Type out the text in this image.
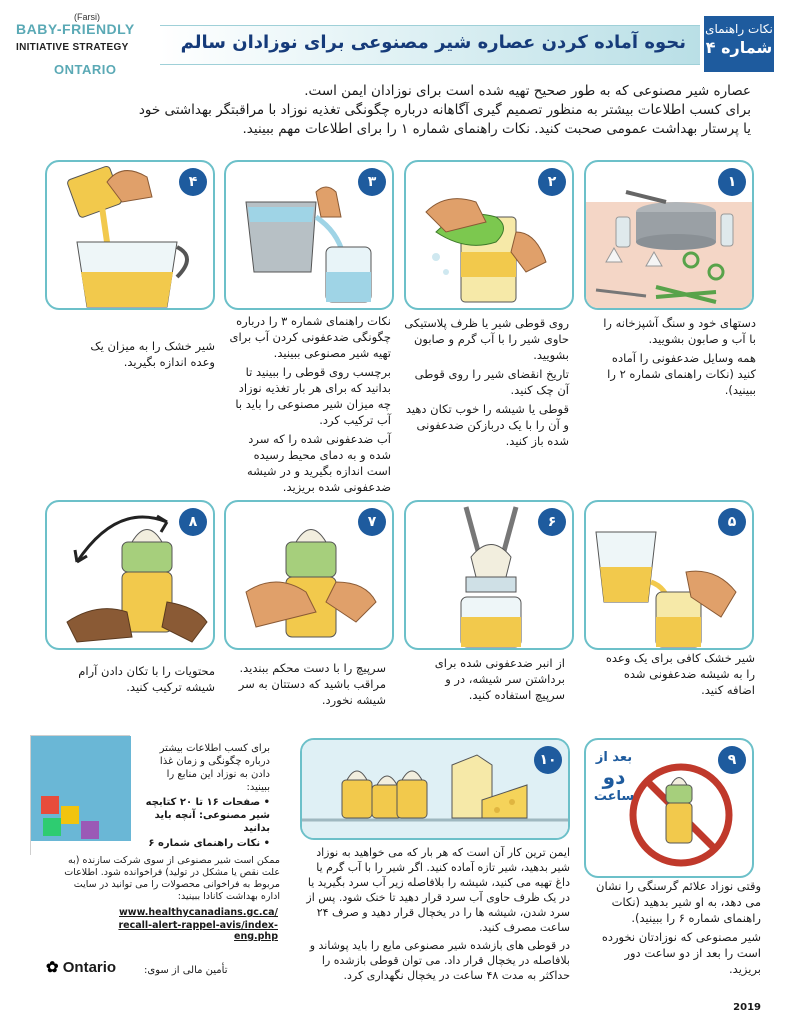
(Farsi)
BABY-FRIENDLY
INITIATIVE STRATEGY
ONTARIO
نحوه آماده کردن عصاره شیر مصنوعی برای نوزادان سالم
نکات راهنمای
شماره ۴

عصاره شیر مصنوعی که به طور صحیح تهیه شده است برای نوزادان ایمن است.

برای کسب اطلاعات بیشتر به منظور تصمیم گیری آگاهانه درباره چگونگی تغذیه نوزاد با مراقبتگر بهداشتی خود

یا پرستار بهداشت عمومی صحبت کنید. نکات راهنمای شماره ۱ را برای اطلاعات مهم ببینید.

۱

دستهای خود و سنگ آشپزخانه را با آب و صابون بشویید.

همه وسایل ضدعفونی را آماده کنید (نکات راهنمای شماره ۲ را ببینید).

۲

روی قوطی شیر یا ظرف پلاستیکی حاوی شیر را با آب گرم و صابون بشویید.

تاریخ انقضای شیر را روی قوطی آن چک کنید.

قوطی یا شیشه را خوب تکان دهید و آن را با یک دربازکن ضدعفونی شده باز کنید.

۳

نکات راهنمای شماره ۳ را درباره چگونگی ضدعفونی کردن آب برای تهیه شیر مصنوعی ببینید.

برچسب روی قوطی را ببینید تا بدانید که برای هر بار تغذیه نوزاد چه میزان شیر مصنوعی را باید با آب ترکیب کرد.

آب ضدعفونی شده را که سرد شده و به دمای محیط رسیده است اندازه بگیرید و در شیشه ضدعفونی شده بریزید.

۴

شیر خشک را به میزان یک وعده اندازه بگیرید.

۵

شیر خشک کافی برای یک وعده را به شیشه ضدعفونی شده اضافه کنید.

۶

از انبر ضدعفونی شده برای برداشتن سر شیشه، در و سرپیچ استفاده کنید.

۷

سرپیچ را با دست محکم ببندید. مراقب باشید که دستتان به سر شیشه نخورد.

۸

محتویات را با تکان دادن آرام شیشه ترکیب کنید.

۹
بعد از
دو
ساعت

وقتی نوزاد علائم گرسنگی را نشان می دهد، به او شیر بدهید (نکات راهنمای شماره ۶ را ببینید).

شیر مصنوعی که نوزادتان نخورده است را بعد از دو ساعت دور بریزید.

۱۰

ایمن ترین کار آن است که هر بار که می خواهید به نوزاد شیر بدهید، شیر تازه آماده کنید. اگر شیر را با آب گرم یا داغ تهیه می کنید، شیشه را بلافاصله زیر آب سرد بگیرید یا در یک ظرف حاوی آب سرد قرار دهید تا خنک شود. پس از سرد شدن، شیشه ها را در یخچال قرار دهید و صرف ۲۴ ساعت مصرف کنید.

در قوطی های بازشده شیر مصنوعی مایع را باید پوشاند و بلافاصله در یخچال قرار داد. می توان قوطی بازشده را حداکثر به مدت ۴۸ ساعت در یخچال نگهداری کرد.

برای کسب اطلاعات بیشتر درباره چگونگی و زمان غذا دادن به نوزاد این منابع را ببینید:

• صفحات ۱۶ تا ۲۰ کتابچه شیر مصنوعی: آنچه باید بدانید

• نکات راهنمای شماره ۶

ممکن است شیر مصنوعی از سوی شرکت سازنده (به علت نقص یا مشکل در تولید) فراخوانده شود. اطلاعات مربوط به فراخوانی محصولات را می توانید در سایت اداره بهداشت کانادا ببینید:

www.healthycanadians.gc.ca/
recall-alert-rappel-avis/index-eng.php
تأمین مالی از سوی:
✿ Ontario
2019
